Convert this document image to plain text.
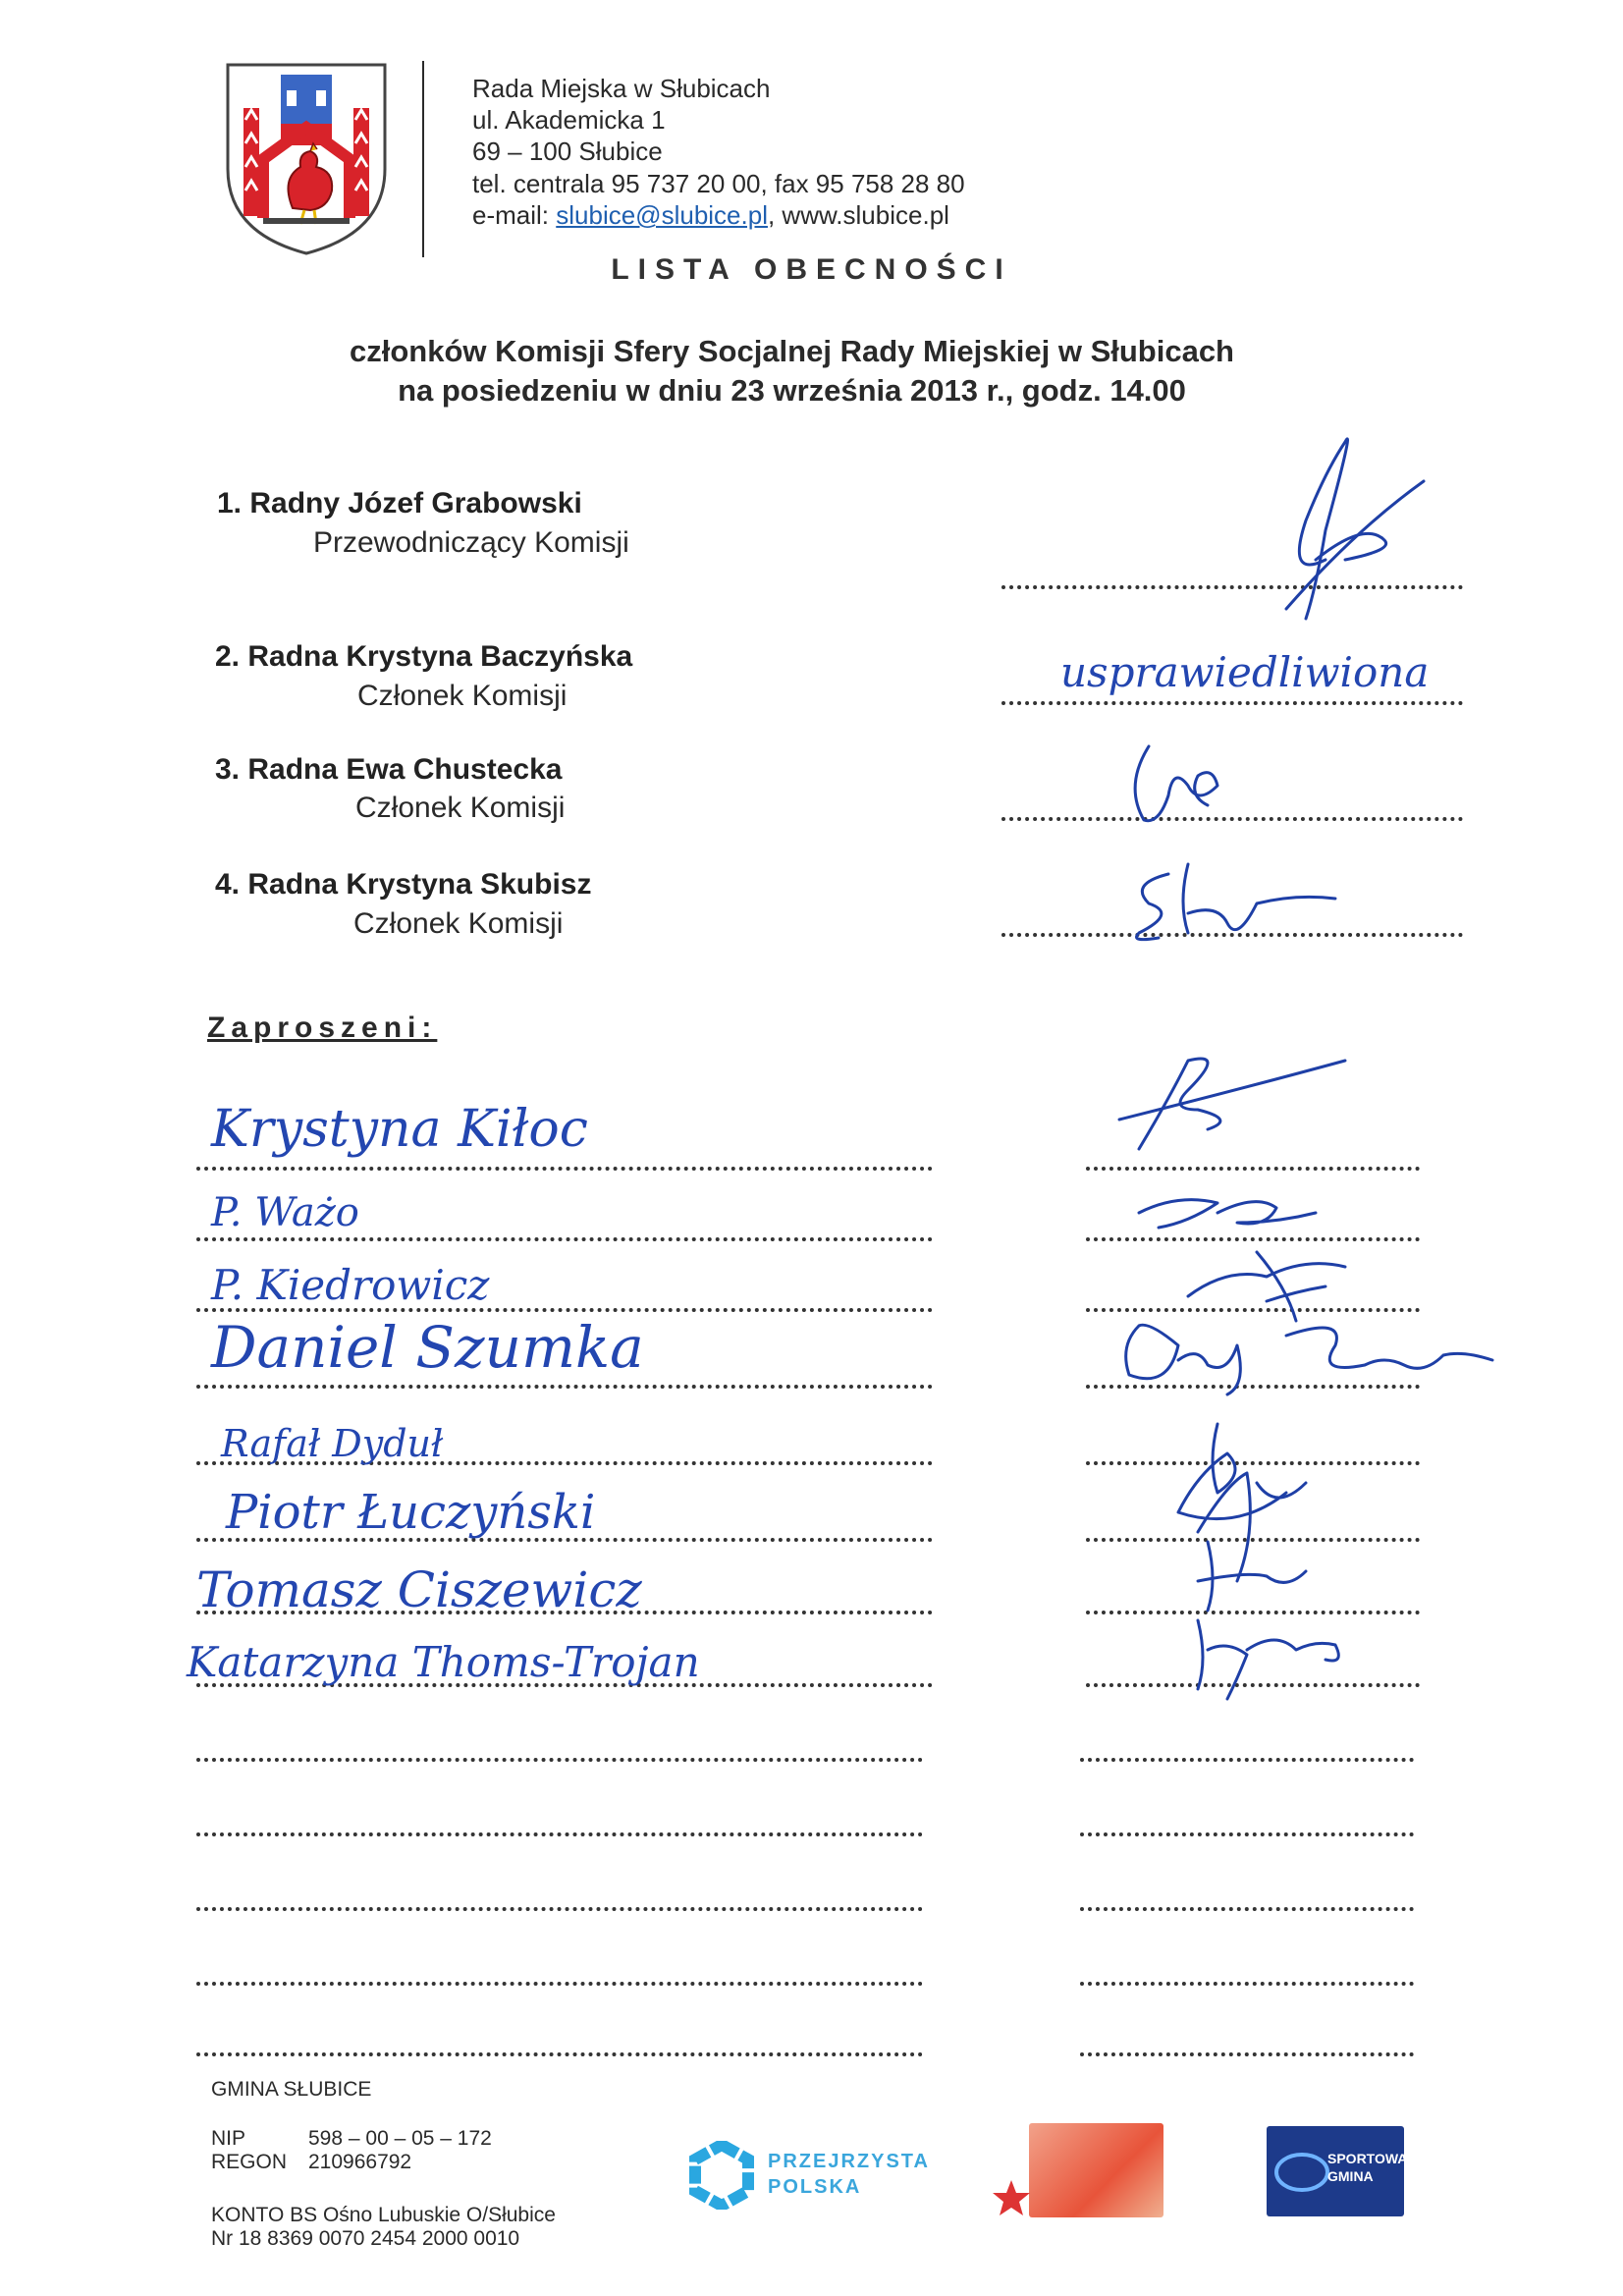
Rada Miejska w Słubicach
ul. Akademicka 1
69 – 100 Słubice
tel. centrala 95 737 20 00, fax 95 758 28 80
e-mail: slubice@slubice.pl, www.slubice.pl
LISTA OBECNOŚCI
członków Komisji Sfery Socjalnej Rady Miejskiej w Słubicach
na posiedzeniu w dniu 23 września 2013 r., godz. 14.00
1. Radny Józef Grabowski
Przewodniczący Komisji
2. Radna Krystyna Baczyńska
Członek Komisji
3. Radna Ewa Chustecka
Członek Komisji
4. Radna Krystyna Skubisz
Członek Komisji
usprawiedliwiona
Zaproszeni:
Krystyna Kiłoc
P. Ważo
P. Kiedrowicz
Daniel Szumka
Rafał Dyduł
Piotr Łuczyński
Tomasz Ciszewicz
Katarzyna Thoms-Trojan
GMINA SŁUBICE
NIP	598 – 00 – 05 – 172
REGON 210966792
KONTO BS Ośno Lubuskie O/Słubice
Nr 18 8369 0070 2454 2000 0010
PRZEJRZYSTA
POLSKA
SPORTOWA GMINA
